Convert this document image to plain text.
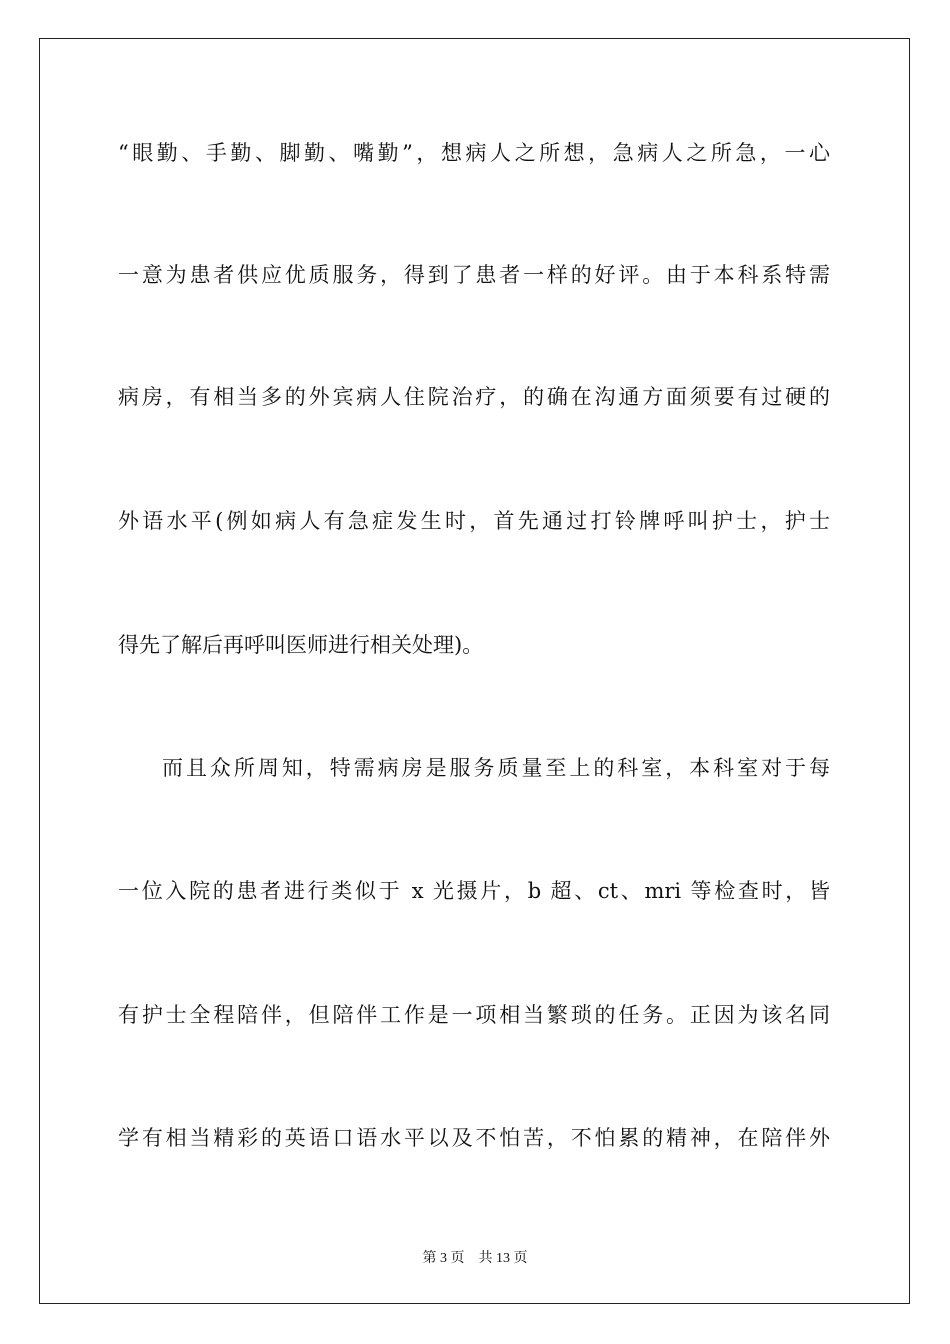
“眼勤、手勤、脚勤、嘴勤”，想病人之所想，急病人之所急，一心

一意为患者供应优质服务，得到了患者一样的好评。由于本科系特需

病房，有相当多的外宾病人住院治疗，的确在沟通方面须要有过硬的

外语水平(例如病人有急症发生时，首先通过打铃牌呼叫护士，护士

得先了解后再呼叫医师进行相关处理)。

而且众所周知，特需病房是服务质量至上的科室，本科室对于每

一位入院的患者进行类似于 x 光摄片，b 超、ct、mri 等检查时，皆

有护士全程陪伴，但陪伴工作是一项相当繁琐的任务。正因为该名同

学有相当精彩的英语口语水平以及不怕苦，不怕累的精神，在陪伴外

第 3 页    共 13 页
